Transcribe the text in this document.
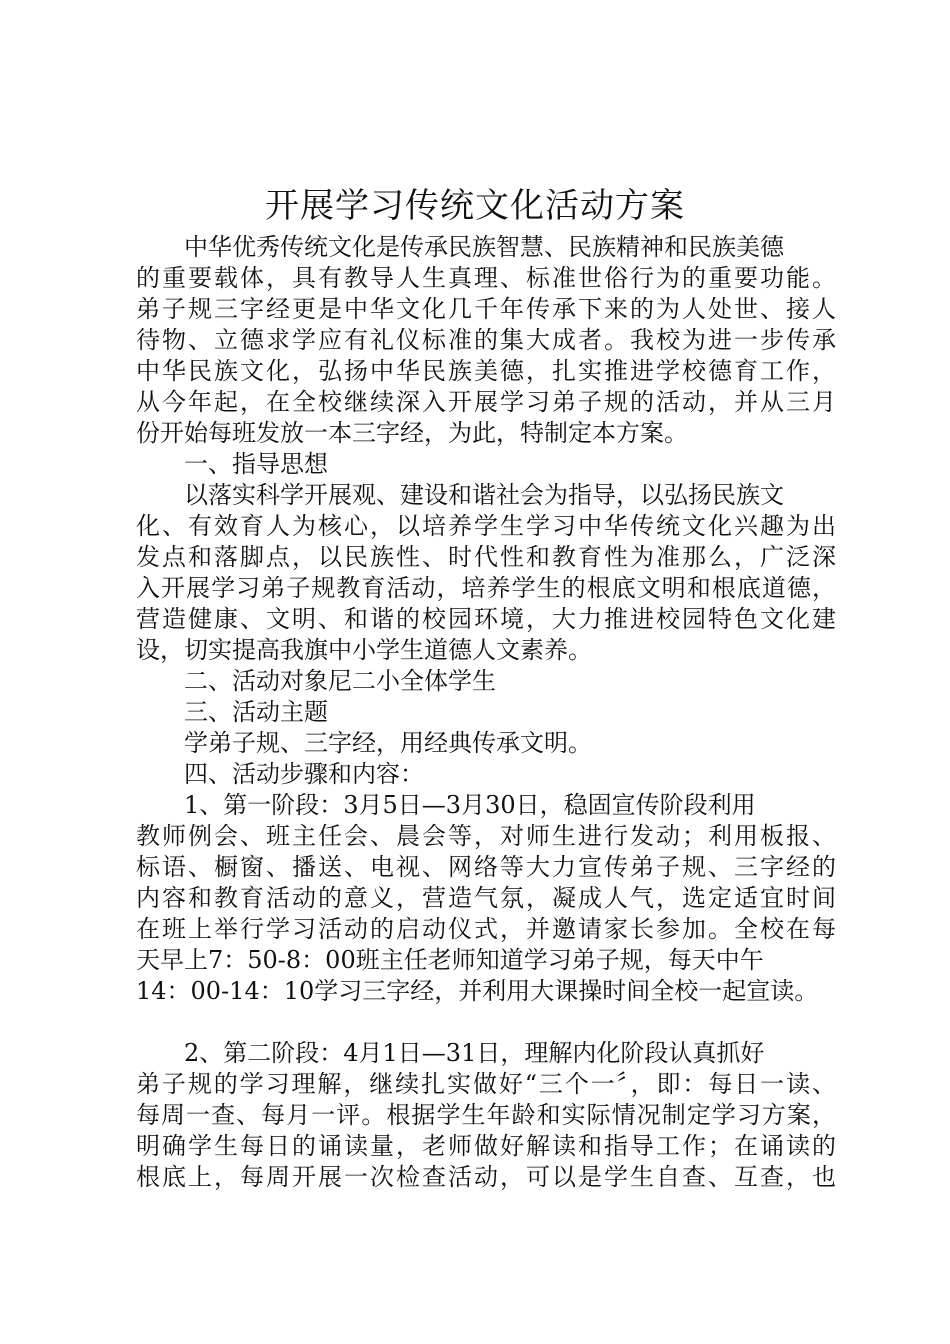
开展学习传统文化活动方案
中华优秀传统文化是传承民族智慧、民族精神和民族美德
的重要载体，具有教导人生真理、标准世俗行为的重要功能。
弟子规三字经更是中华文化几千年传承下来的为人处世、接人
待物、立德求学应有礼仪标准的集大成者。我校为进一步传承
中华民族文化，弘扬中华民族美德，扎实推进学校德育工作，
从今年起，在全校继续深入开展学习弟子规的活动，并从三月
份开始每班发放一本三字经，为此，特制定本方案。
一、指导思想
以落实科学开展观、建设和谐社会为指导，以弘扬民族文
化、有效育人为核心，以培养学生学习中华传统文化兴趣为出
发点和落脚点，以民族性、时代性和教育性为准那么，广泛深
入开展学习弟子规教育活动，培养学生的根底文明和根底道德，
营造健康、文明、和谐的校园环境，大力推进校园特色文化建
设，切实提高我旗中小学生道德人文素养。
二、活动对象尼二小全体学生
三、活动主题
学弟子规、三字经，用经典传承文明。
四、活动步骤和内容：
1、第一阶段：3月5日—3月30日，稳固宣传阶段利用
教师例会、班主任会、晨会等，对师生进行发动；利用板报、
标语、橱窗、播送、电视、网络等大力宣传弟子规、三字经的
内容和教育活动的意义，营造气氛，凝成人气，选定适宜时间
在班上举行学习活动的启动仪式，并邀请家长参加。全校在每
天早上7：50-8：00班主任老师知道学习弟子规，每天中午
14：00-14：10学习三字经，并利用大课操时间全校一起宣读。
2、第二阶段：4月1日—31日，理解内化阶段认真抓好
弟子规的学习理解，继续扎实做好“三个一〞，即：每日一读、
每周一查、每月一评。根据学生年龄和实际情况制定学习方案，
明确学生每日的诵读量，老师做好解读和指导工作；在诵读的
根底上，每周开展一次检查活动，可以是学生自查、互查，也
